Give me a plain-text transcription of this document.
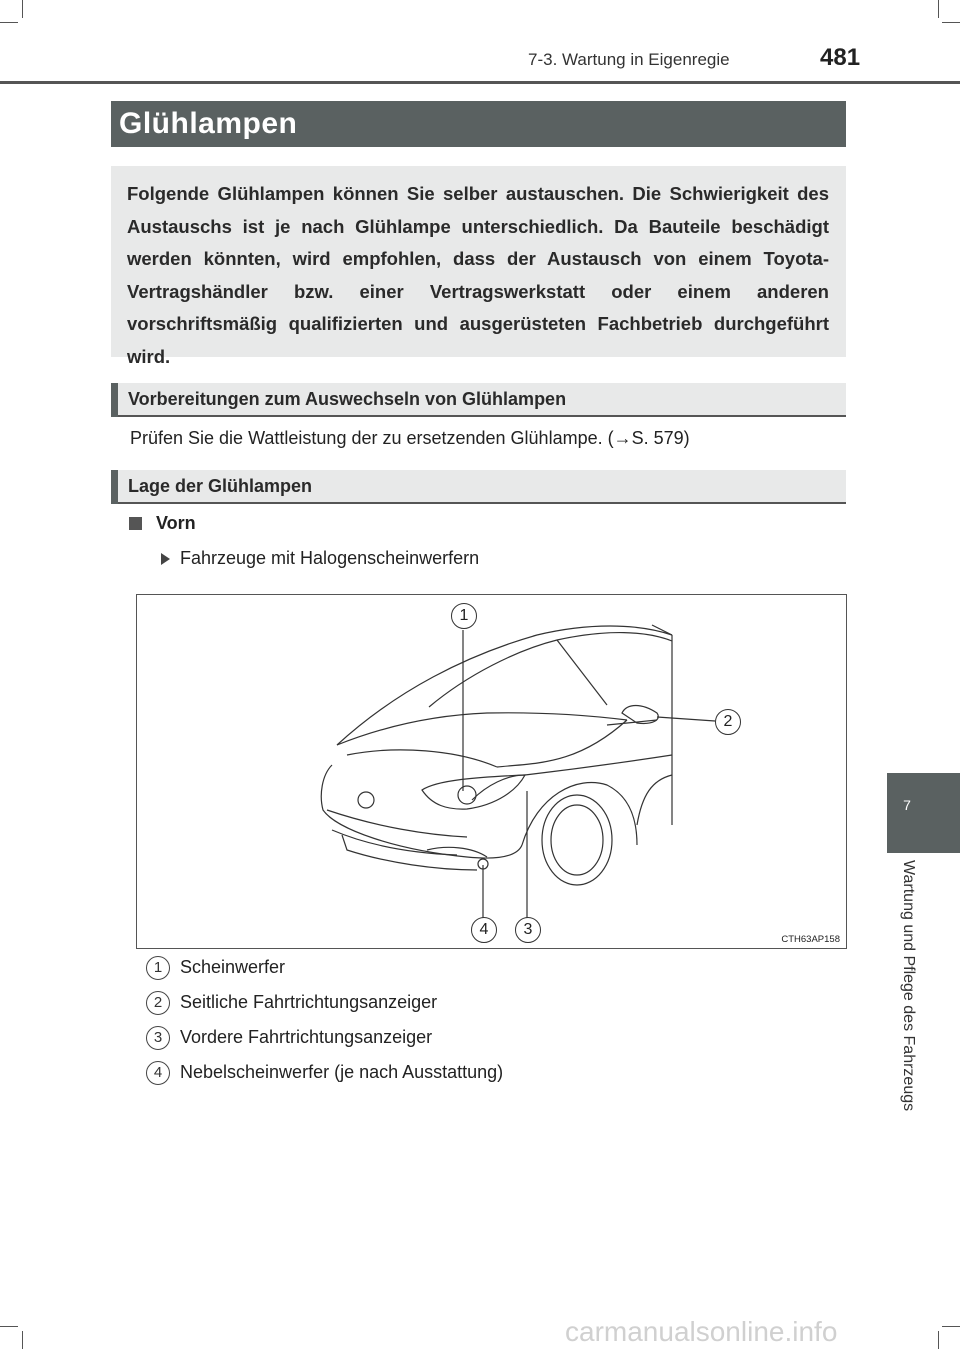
7-3. Wartung in Eigenregie	481
Glühlampen

Folgende Glühlampen können Sie selber austauschen. Die Schwierigkeit des Austauschs ist je nach Glühlampe unterschiedlich. Da Bauteile beschädigt werden könnten, wird empfohlen, dass der Austausch von einem Toyota-Vertragshändler bzw. einer Vertragswerkstatt oder einem anderen vorschriftsmäßig qualifizierten und ausgerüsteten Fachbetrieb durchgeführt wird.

Vorbereitungen zum Auswechseln von Glühlampen
Prüfen Sie die Wattleistung der zu ersetzenden Glühlampe. (→S. 579)
Lage der Glühlampen
Vorn
Fahrzeuge mit Halogenscheinwerfern
1
2
3
4
CTH63AP158
1 Scheinwerfer
2 Seitliche Fahrtrichtungsanzeiger
3 Vordere Fahrtrichtungsanzeiger
4 Nebelscheinwerfer (je nach Ausstattung)
7
Wartung und Pflege des Fahrzeugs
carmanualsonline.info
